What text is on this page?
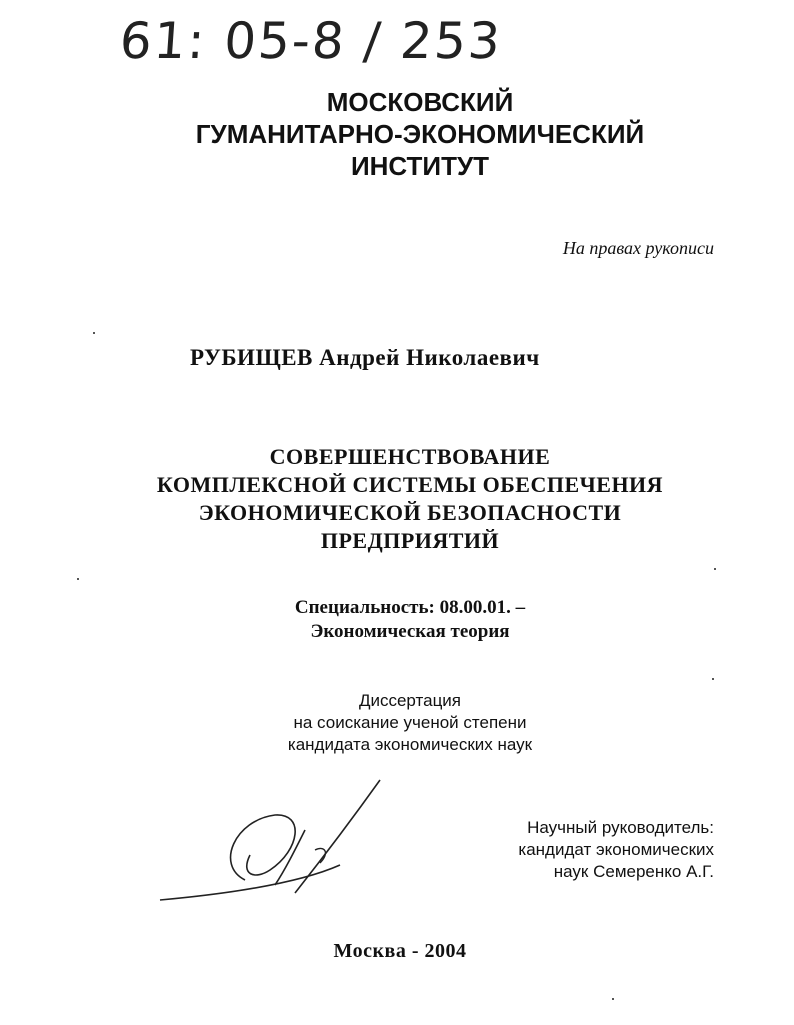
61: 05-8 / 253
МОСКОВСКИЙ
ГУМАНИТАРНО-ЭКОНОМИЧЕСКИЙ
ИНСТИТУТ
На правах рукописи
РУБИЩЕВ Андрей Николаевич
СОВЕРШЕНСТВОВАНИЕ
КОМПЛЕКСНОЙ СИСТЕМЫ ОБЕСПЕЧЕНИЯ
ЭКОНОМИЧЕСКОЙ БЕЗОПАСНОСТИ
ПРЕДПРИЯТИЙ
Специальность: 08.00.01. –
Экономическая теория
Диссертация
на соискание ученой степени
кандидата экономических наук
Научный руководитель:
кандидат экономических
наук Семеренко А.Г.
Москва - 2004
